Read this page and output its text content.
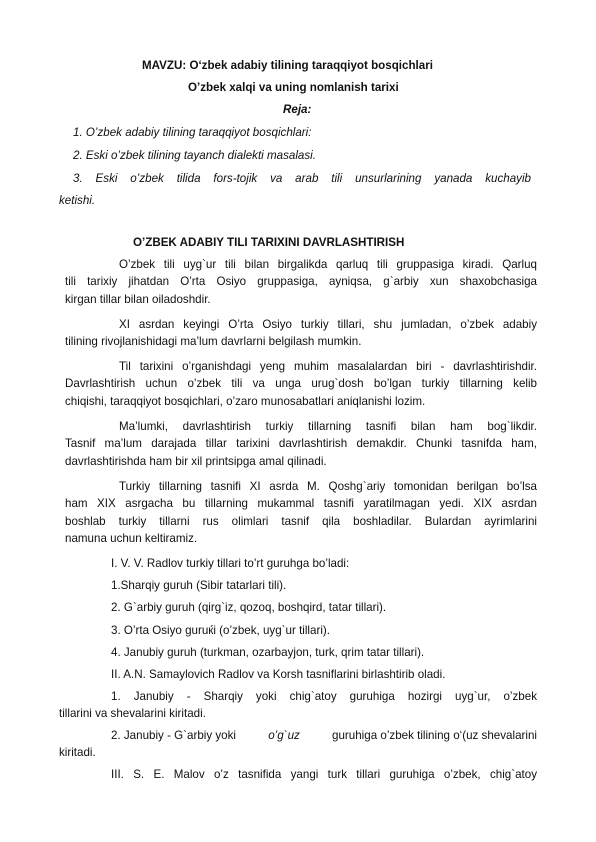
MAVZU: O‘zbek adabiy tilining taraqqiyot bosqichlari
O’zbek xalqi va uning nomlanish tarixi
Reja:
1. O’zbek adabiy tilining taraqqiyot bosqichlari:
2. Eski o’zbek tilining tayanch dialekti masalasi.
3. Eski o’zbek tilida fors-tojik va arab tili unsurlarining yanada kuchayib
ketishi.
O’ZBEK ADABIY TILI TARIXINI DAVRLASHTIRISH
O’zbek tili uyg`ur tili bilan birgalikda qarluq tili gruppasiga kiradi. Qarluq
tili tarixiy jihatdan O’rta Osiyo gruppasiga, ayniqsa, g`arbiy xun shaxobchasiga
kirgan tillar bilan oiladoshdir.
XI asrdan keyingi O’rta Osiyo turkiy tillari, shu jumladan, o’zbek adabiy
tilining rivojlanishidagi ma’lum davrlarni belgilash mumkin.
Til tarixini o’rganishdagi yeng muhim masalalardan biri - davrlashtirishdir.
Davrlashtirish uchun o’zbek tili va unga urug`dosh bo’lgan turkiy tillarning kelib
chiqishi, taraqqiyot bosqichlari, o’zaro munosabatlari aniqlanishi lozim.
Ma’lumki, davrlashtirish turkiy tillarning tasnifi bilan ham bog`likdir.
Tasnif ma’lum darajada tillar tarixini davrlashtirish demakdir. Chunki tasnifda ham,
davrlashtirishda ham bir xil printsipga amal qilinadi.
Turkiy tillarning tasnifi XI asrda M. Qoshg`ariy tomonidan berilgan bo’lsa
ham XIX asrgacha bu tillarning mukammal tasnifi yaratilmagan yedi. XIX asrdan
boshlab turkiy tillarni rus olimlari tasnif qila boshladilar. Bulardan ayrimlarini
namuna uchun keltiramiz.
I. V. V. Radlov turkiy tillari to’rt guruhga bo’ladi:
1.Sharqiy guruh (Sibir tatarlari tili).
2. G`arbiy guruh (qirg`iz, qozoq, boshqird, tatar tillari).
3. O’rta Osiyo guruќi (o’zbek, uyg`ur tillari).
4. Janubiy guruh (turkman, ozarbayjon, turk, qrim tatar tillari).
II. A.N. Samaylovich Radlov va Korsh tasniflarini birlashtirib oladi.
1. Janubiy - Sharqiy yoki chig`atoy guruhiga hozirgi uyg`ur, o’zbek
tillarini va shevalarini kiritadi.
2. Janubiy - G`arbiy yoki	o’g`uz	guruhiga o’zbek tilining o‘(uz shevalarini
kiritadi.
III. S. E. Malov o’z tasnifida yangi turk tillari guruhiga o’zbek, chig`atoy
